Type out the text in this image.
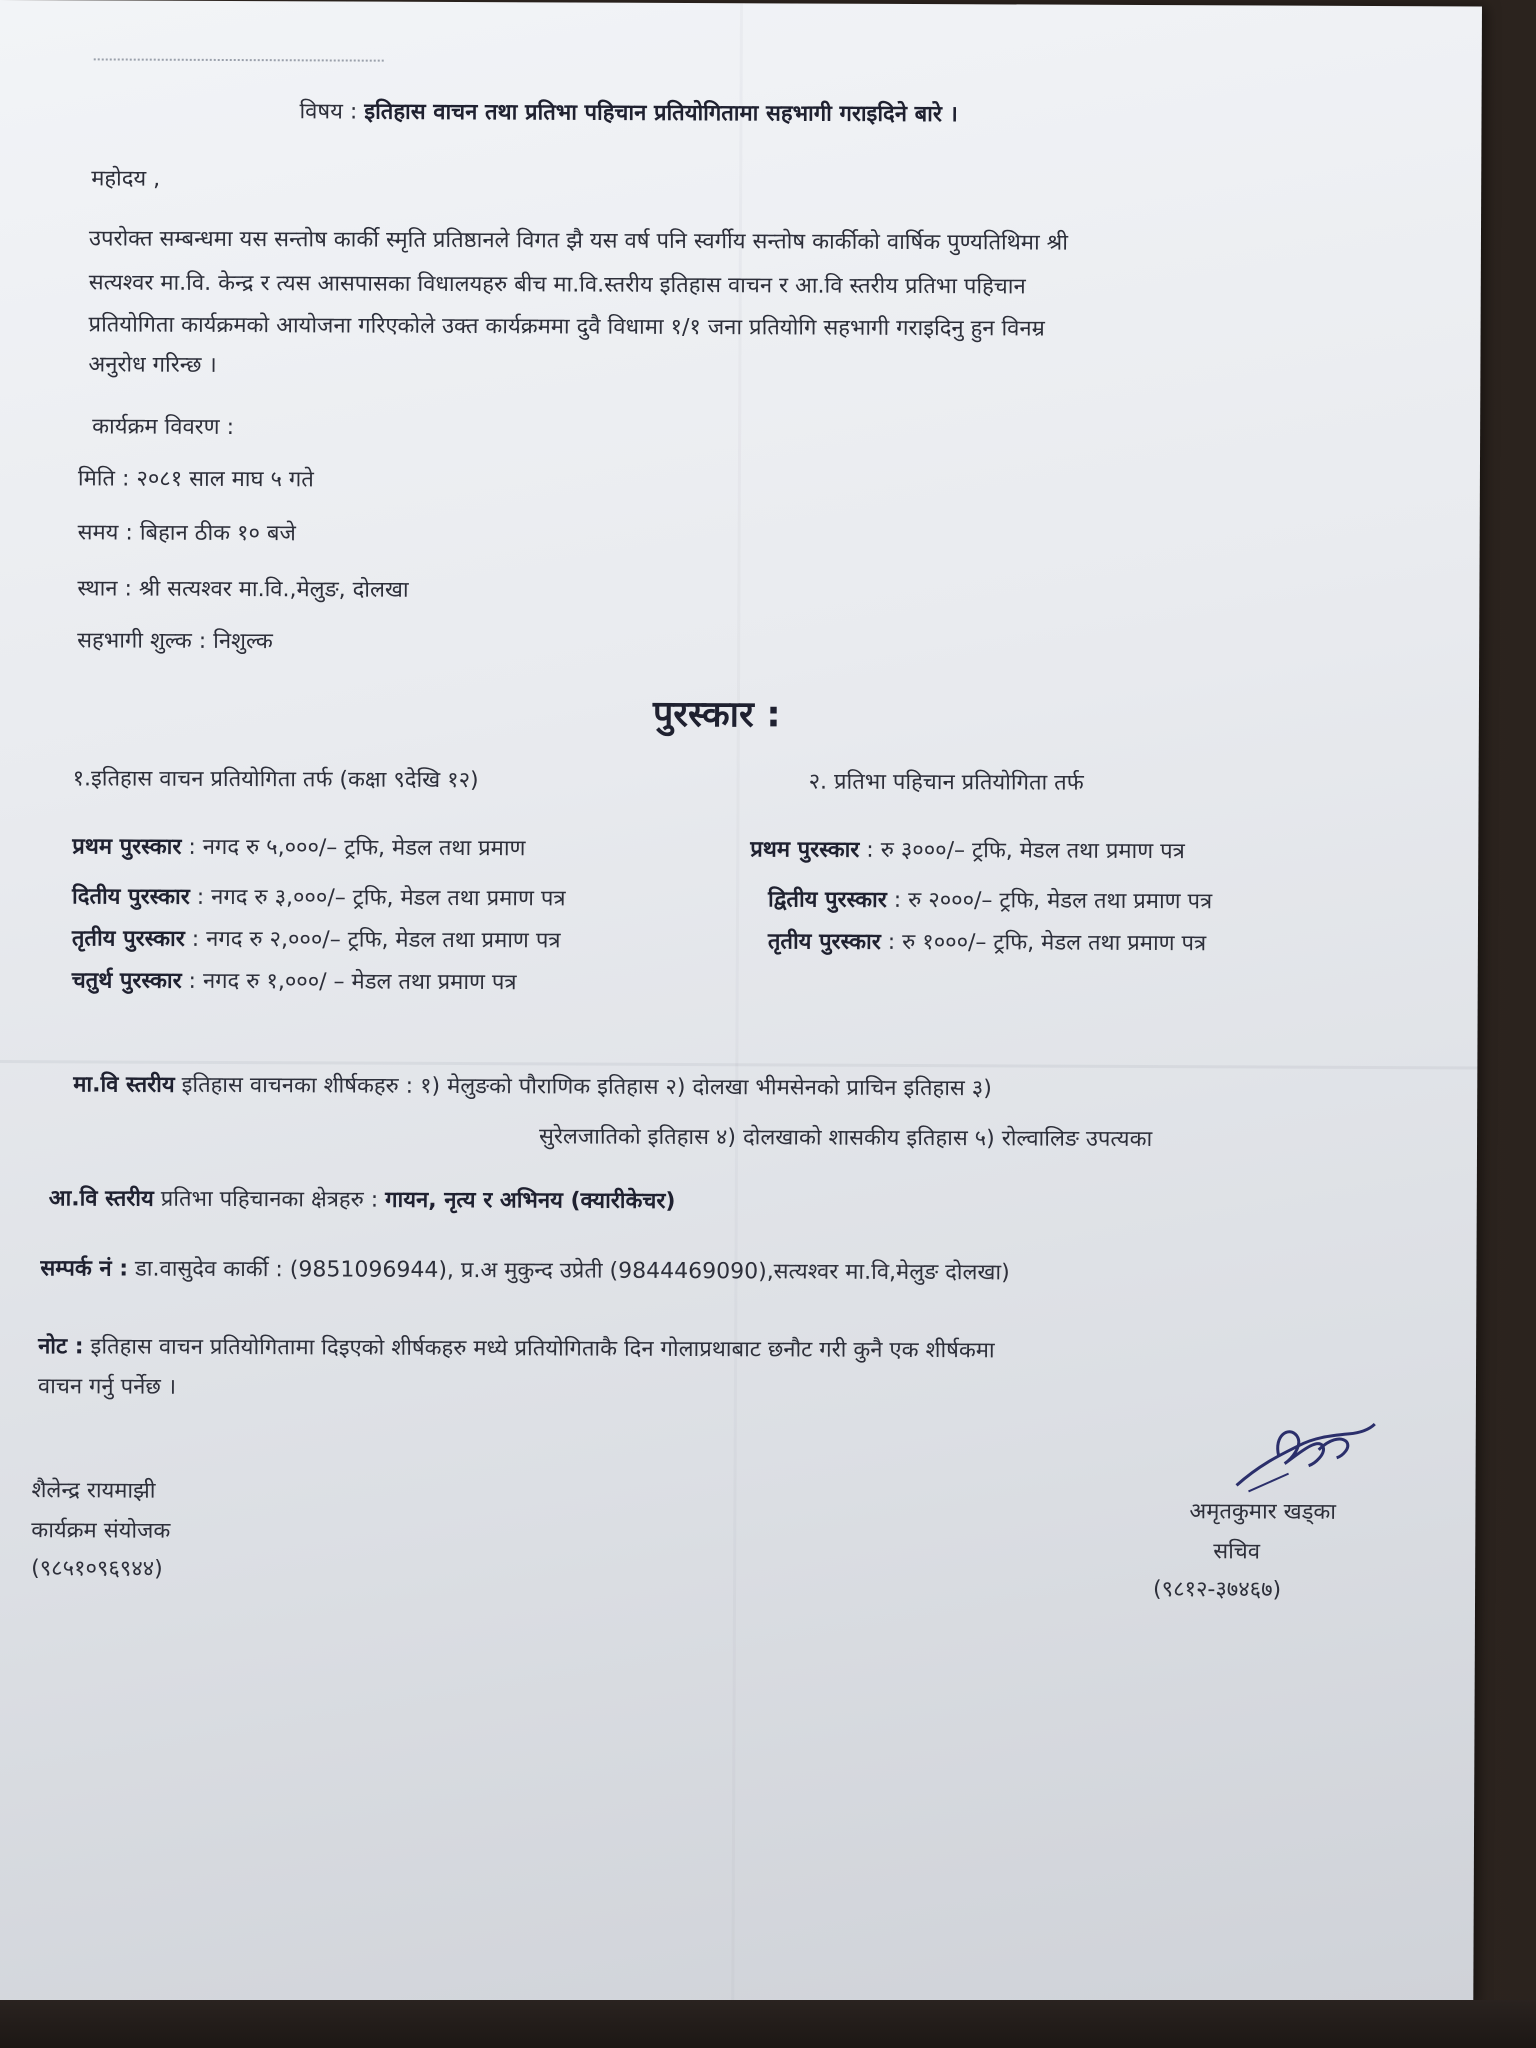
विषय : इतिहास वाचन तथा प्रतिभा पहिचान प्रतियोगितामा सहभागी गराइदिने बारे ।
महोदय ,
उपरोक्त सम्बन्धमा यस सन्तोष कार्की स्मृति प्रतिष्ठानले विगत झै यस वर्ष पनि स्वर्गीय सन्तोष कार्कीको वार्षिक पुण्यतिथिमा श्री
सत्यश्वर मा.वि. केन्द्र र त्यस आसपासका विधालयहरु बीच मा.वि.स्तरीय इतिहास वाचन र आ.वि स्तरीय प्रतिभा पहिचान
प्रतियोगिता कार्यक्रमको आयोजना गरिएकोले उक्त कार्यक्रममा दुवै विधामा १/१ जना प्रतियोगि सहभागी गराइदिनु हुन विनम्र
अनुरोध गरिन्छ ।
कार्यक्रम विवरण :
मिति : २०८१ साल माघ ५ गते
समय : बिहान ठीक १० बजे
स्थान : श्री सत्यश्वर मा.वि.,मेलुङ, दोलखा
सहभागी शुल्क : निशुल्क
पुरस्कार :
१.इतिहास वाचन प्रतियोगिता तर्फ (कक्षा ९देखि १२)	२. प्रतिभा पहिचान प्रतियोगिता तर्फ
प्रथम पुरस्कार : नगद रु ५,०००/– ट्रफि, मेडल तथा प्रमाण
दितीय पुरस्कार : नगद रु ३,०००/– ट्रफि, मेडल तथा प्रमाण पत्र
तृतीय पुरस्कार : नगद रु २,०००/– ट्रफि, मेडल तथा प्रमाण पत्र
चतुर्थ पुरस्कार : नगद रु १,०००/ – मेडल तथा प्रमाण पत्र
प्रथम पुरस्कार : रु ३०००/– ट्रफि, मेडल तथा प्रमाण पत्र
द्वितीय पुरस्कार : रु २०००/– ट्रफि, मेडल तथा प्रमाण पत्र
तृतीय पुरस्कार : रु १०००/– ट्रफि, मेडल तथा प्रमाण पत्र
मा.वि स्तरीय इतिहास वाचनका शीर्षकहरु : १) मेलुङको पौराणिक इतिहास २) दोलखा भीमसेनको प्राचिन इतिहास ३)
सुरेलजातिको इतिहास ४) दोलखाको शासकीय इतिहास ५) रोल्वालिङ उपत्यका
आ.वि स्तरीय प्रतिभा पहिचानका क्षेत्रहरु : गायन, नृत्य र अभिनय (क्यारीकेचर)
सम्पर्क नं : डा.वासुदेव कार्की : (9851096944), प्र.अ मुकुन्द उप्रेती (9844469090),सत्यश्वर मा.वि,मेलुङ दोलखा)
नोट : इतिहास वाचन प्रतियोगितामा दिइएको शीर्षकहरु मध्ये प्रतियोगिताकै दिन गोलाप्रथाबाट छनौट गरी कुनै एक शीर्षकमा
वाचन गर्नु पर्नेछ ।
शैलेन्द्र रायमाझी
कार्यक्रम संयोजक
(९८५१०९६९४४)
अमृतकुमार खड्का
सचिव
(९८१२-३७४६७)
